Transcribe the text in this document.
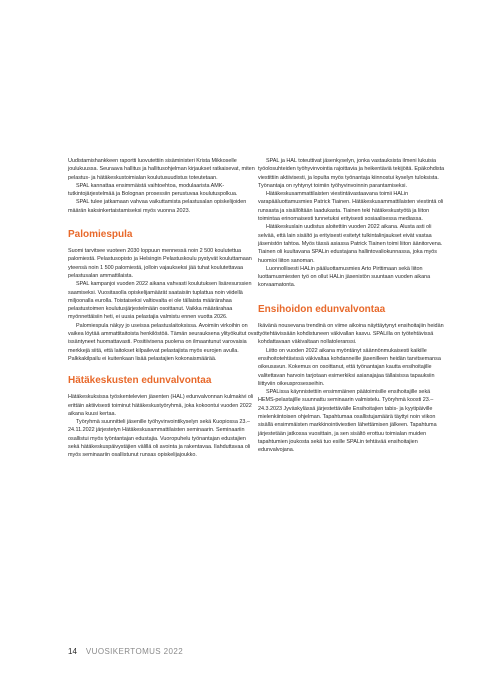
Uudistamishankkeen raportti luovutettiin sisäministeri Krista Mikkoselle joulukuussa. Seuraava hallitus ja hallitusohjelman kirjaukset ratkaisevat, miten pelastus- ja hätäkeskustoimialan koulutusuudistus toteutetaan.

SPAL kannattaa ensimmäistä vaihtoehtoa, modulaarista AMK-tutkintojärjestelmää ja Bolognan prosessiin perustuvaa koulutuspolkua.

SPAL tulee jatkamaan vahvaa vaikuttamista pelastusalan opiskelijoiden määrän kaksinkertaistamiseksi myös vuonna 2023.

Palomiespula

Suomi tarvitsee vuoteen 2030 loppuun mennessä noin 2 500 koulutettua palomiestä. Pelastusopisto ja Helsingin Pelastuskoulu pystyvät kouluttamaan yteensä noin 1 500 palomiestä, jolloin vajaukseksi jää tuhat koulutettavaa pelastusalan ammattilaista.

SPAL kampanjoi vuoden 2022 aikana vahvasti koulutuksen lisäresurssien saamiseksi. Vuositasolla opiskelijamäärät saataisiin tuplattua noin viidellä miljoonalla eurolla. Toistaiseksi valtiovalta ei ole tällaista määrärahaa pelastustoimen koulutusjärjestelmään osoittanut. Vaikka määrärahaa myönnettäisiin heti, ei uusia pelastajia valmistu ennen vuotta 2026.

Palomiespula näkyy jo useissa pelastuslaitoksissa. Avoimiin virkoihin on vaikea löytää ammattitaitoista henkilöstöä. Tämän seurauksena ylityökuitut ovat issäntyneet huomattavasti. Positiivisena puolena on ilmaantunut varovaisia merkkejä siitä, että laitokset kilpailevat pelastajista myös eurojen avulla. Palkkakilpailu ei kuitenkaan lisää pelastajien kokonaismäärää.

Hätäkeskusten edunvalvontaa

Hätäkeskuksissa työskentelevien jäsenten (HAL) edunvalvonnan kulmakivi oli erittäin aktiivisesti toiminut hätäkeskustyöryhmä, joka kokoontui vuoden 2022 aikana kuusi kertaa.

Työryhmä suunnitteli jäsenille työhyvinvointikyselyn sekä Kuopiossa 23.–24.11.2022 järjestetyn Hätäkeskusammattilaisten seminaarin. Seminaariin osallistui myös työntantajan edustajia. Vuoropuhelu työnantajan edustajien sekä hätäkeskuspäivystäjien välillä oli avointa ja rakentavaa. Ilahduttavaa oli myös seminaariin osallistunut runsas opiskelijajoukko.

SPAL ja HAL toteuttivat jäsenkyselyn, jonka vastauksista ilmeni lukuisia työolosuhteiden työhyvinvointia rajoittavia ja heikentäviä tekijöitä. Epäkohdista viestittiin aktiivisesti, ja lopulta myös työnantaja kiinnostui kyselyn tuloksista. Työnantaja on ryhtynyt toimiin työhyvinvoinnin parantamiseksi.

Hätäkeskusammattilaisten viestintävastaavana toimii HALin varapääluottamusmies Patrick Tiainen. Hätäkeskusammattilaisten viestintä oli runsasta ja sisällöltään laadukasta. Tiainen teki hätäkeskustyötä ja liiton toimintaa erinomaisesti tunnetuksi erityisesti sosiaalisessa mediassa.

Hätäkeskuslain uudistus aloitettiin vuoden 2022 aikana. Alusta asti oli selvää, että lain sisältö ja erityisesti esitetyt tulkintalinjaukset eivät vastaa jäsenistön tahtoa. Myös tässä asiassa Patrick Tiainen toimi liiton äänitorvena. Tiainen oli kuultavana SPALin edustajana hallintovaliokunnassa, joka myös huomioi liiton sanoman.

Luonnollisesti HALin pääluottamusmies Arto Pirttimaan sekä liiton luottamusmiesten työ on ollut HALin jäsenistön suuntaan vuoden aikana korvaamatonta.

Ensihoidon edunvalvontaa

Ikävänä nousevana trendinä on viime aikoina näyttäytynyt ensihoitajiin heidän työtehtävissään kohdistuneen väkivallan kasvu. SPALilla on työtehtävissä kohdattavaan väkivaltaan nollatoleranssi.

Liitto on vuoden 2022 aikana myöntänyt säännönmukaisesti kaikille ensihoitotehtävissä väkivaltaa kohdanneille jäsenilleen heidän tarvitsemansa oikeusavun. Kokemus on osoittanut, että työnantajan kautta ensihoitajille valitettavan harvoin tarjotaan esimerkiksi asianajajaa tällaisissa tapauksiin liittyviin oikeusprosesseihin.

SPALissa käynnistettiin ensimmäinen päätoimisille ensihoitajille sekä HEMS-pelastajille suunnattu seminaarin valmistelu. Työryhmä koosti 23.–24.3.2023 Jyväskylässä järjestettävälle Ensihoitajien tabis- ja kyytipäiville mielenkiintoisen ohjelman. Tapahtumaa osallistujamäärä täyttyi noin viikon sisällä ensimmäisten markkinointiviestien lähettämisen jälkeen. Tapahtuma järjestetään jatkossa vuosittain, ja sen sisältö erottuu toimialan muiden tapahtumien joukosta sekä tuo esille SPALin tehtävää ensihoitajien edunvalvojana.

14 VUOSIKERTOMUS 2022
